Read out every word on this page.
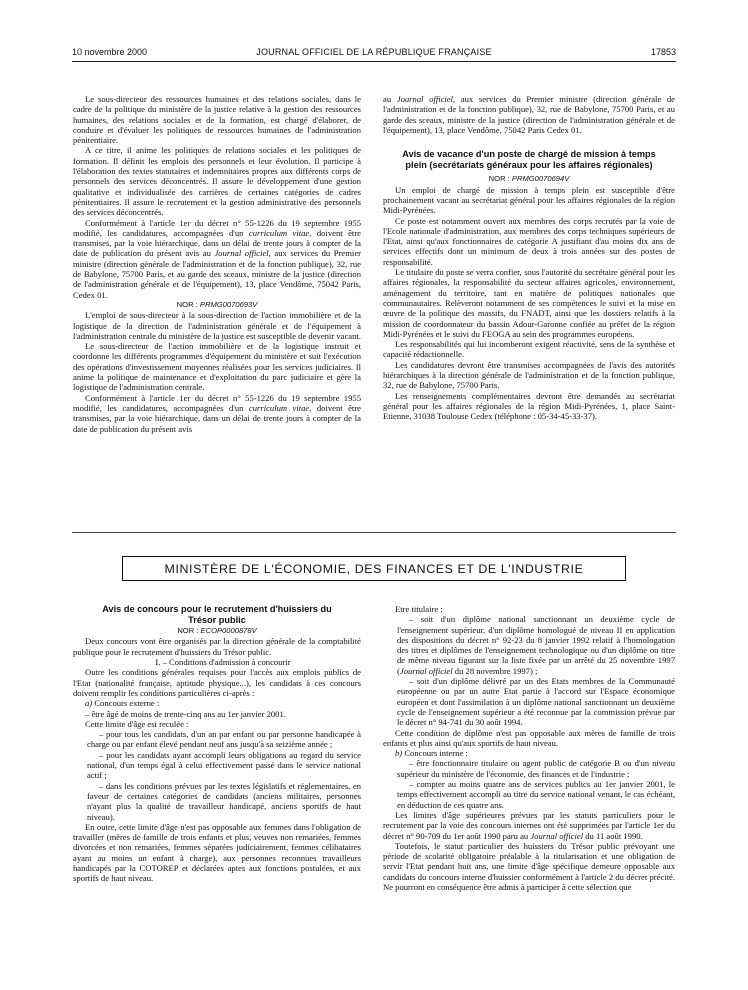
10 novembre 2000	JOURNAL OFFICIEL DE LA RÉPUBLIQUE FRANÇAISE	17853

Le sous-directeur des ressources humaines et des relations sociales, dans le cadre de la politique du ministère de la justice relative à la gestion des ressources humaines, des relations sociales et de la formation, est chargé d'élaborer, de conduire et d'évaluer les politiques de ressources humaines de l'administration pénitentiaire.

A ce titre, il anime les politiques de relations sociales et les politiques de formation. Il définit les emplois des personnels et leur évolution. Il participe à l'élaboration des textes statutaires et indemnitaires propres aux différents corps de personnels des services déconcentrés. Il assure le développement d'une gestion qualitative et individualisée des carrières de certaines catégories de cadres pénitentiaires. Il assure le recrutement et la gestion administrative des personnels des services déconcentrés.

Conformément à l'article 1er du décret n° 55-1226 du 19 septembre 1955 modifié, les candidatures, accompagnées d'un curriculum vitae, doivent être transmises, par la voie hiérarchique, dans un délai de trente jours à compter de la date de publication du présent avis au Journal officiel, aux services du Premier ministre (direction générale de l'administration et de la fonction publique), 32, rue de Babylone, 75700 Paris, et au garde des sceaux, ministre de la justice (direction de l'administration générale et de l'équipement), 13, place Vendôme, 75042 Paris, Cedex 01.

NOR : PRMG0070693V

L'emploi de sous-directeur à la sous-direction de l'action immobilière et de la logistique de la direction de l'administration générale et de l'équipement à l'administration centrale du ministère de la justice est susceptible de devenir vacant.

Le sous-directeur de l'action immobilière et de la logistique instruit et coordonne les différents programmes d'équipement du ministère et suit l'exécution des opérations d'investissement moyennes réalisées pour les services judiciaires. Il anime la politique de maintenance et d'exploitation du parc judiciaire et gère la logistique de l'administration centrale.

Conformément à l'article 1er du décret n° 55-1226 du 19 septembre 1955 modifié, les candidatures, accompagnées d'un curriculum vitae, doivent être transmises, par la voie hiérarchique, dans un délai de trente jours à compter de la date de publication du présent avis

au Journal officiel, aux services du Premier ministre (direction générale de l'administration et de la fonction publique), 32, rue de Babylone, 75700 Paris, et au garde des sceaux, ministre de la justice (direction de l'administration générale et de l'équipement), 13, place Vendôme, 75042 Paris Cedex 01.

Avis de vacance d'un poste de chargé de mission à temps plein (secrétariats généraux pour les affaires régionales)

NOR : PRMG0070694V

Un emploi de chargé de mission à temps plein est susceptible d'être prochainement vacant au secrétariat général pour les affaires régionales de la région Midi-Pyrénées.

Ce poste est notamment ouvert aux membres des corps recrutés par la voie de l'Ecole nationale d'administration, aux membres des corps techniques supérieurs de l'Etat, ainsi qu'aux fonctionnaires de catégorie A justifiant d'au moins dix ans de services effectifs dont un minimum de deux à trois années sur des postes de responsabilité.

Le titulaire du poste se verra confier, sous l'autorité du secrétaire général pour les affaires régionales, la responsabilité du secteur affaires agricoles, environnement, aménagement du territoire, tant en matière de politiques nationales que communautaires. Relèveront notamment de ses compétences le suivi et la mise en œuvre de la politique des massifs, du FNADT, ainsi que les dossiers relatifs à la mission de coordonnateur du bassin Adour-Garonne confiée au préfet de la région Midi-Pyrénées et le suivi du FEOGA au sein des programmes européens.

Les responsabilités qui lui incomberont exigent réactivité, sens de la synthèse et capacité rédactionnelle.

Les candidatures devront être transmises accompagnées de l'avis des autorités hiérarchiques à la direction générale de l'administration et de la fonction publique, 32, rue de Babylone, 75700 Paris.

Les renseignements complémentaires devront être demandés au secrétariat général pour les affaires régionales de la région Midi-Pyrénées, 1, place Saint-Etienne, 31038 Toulouse Cedex (téléphone : 05-34-45-33-37).

MINISTÈRE DE L'ÉCONOMIE, DES FINANCES ET DE L'INDUSTRIE
Avis de concours pour le recrutement d'huissiers du Trésor public

NOR : ECOP0000878V

Deux concours vont être organisés par la direction générale de la comptabilité publique pour le recrutement d'huissiers du Trésor public.

I. – Conditions d'admission à concourir

Outre les conditions générales requises pour l'accès aux emplois publics de l'Etat (nationalité française, aptitude physique...), les candidats à ces concours doivent remplir les conditions particulières ci-après :

a) Concours externe :

– être âgé de moins de trente-cinq ans au 1er janvier 2001.

Cette limite d'âge est reculée :

– pour tous les candidats, d'un an par enfant ou par personne handicapée à charge ou par enfant élevé pendant neuf ans jusqu'à sa seizième année ;

– pour les candidats ayant accompli leurs obligations au regard du service national, d'un temps égal à celui effectivement passé dans le service national actif ;

– dans les conditions prévues par les textes législatifs et réglementaires, en faveur de certaines catégories de candidats (anciens militaires, personnes n'ayant plus la qualité de travailleur handicapé, anciens sportifs de haut niveau).

En outre, cette limite d'âge n'est pas opposable aux femmes dans l'obligation de travailler (mères de famille de trois enfants et plus, veuves non remariées, femmes divorcées et non remariées, femmes séparées judiciairement, femmes célibataires ayant au moins un enfant à charge), aux personnes reconnues travailleurs handicapés par la COTOREP et déclarées aptes aux fonctions postulées, et aux sportifs de haut niveau.

Etre titulaire :

– soit d'un diplôme national sanctionnant un deuxième cycle de l'enseignement supérieur, d'un diplôme homologué de niveau II en application des dispositions du décret n° 92-23 du 8 janvier 1992 relatif à l'homologation des titres et diplômes de l'enseignement technologique ou d'un diplôme ou titre de même niveau figurant sur la liste fixée par un arrêté du 25 novembre 1997 (Journal officiel du 28 novembre 1997) ;

– soit d'un diplôme délivré par un des Etats membres de la Communauté européenne ou par un autre Etat partie à l'accord sur l'Espace économique européen et dont l'assimilation à un diplôme national sanctionnant un deuxième cycle de l'enseignement supérieur a été reconnue par la commission prévue par le décret n° 94-741 du 30 août 1994.

Cette condition de diplôme n'est pas opposable aux mères de famille de trois enfants et plus ainsi qu'aux sportifs de haut niveau.

b) Concours interne :

– être fonctionnaire titulaire ou agent public de catégorie B ou d'un niveau supérieur du ministère de l'économie, des finances et de l'industrie ;

– compter au moins quatre ans de services publics au 1er janvier 2001, le temps effectivement accompli au titre du service national venant, le cas échéant, en déduction de ces quatre ans.

Les limites d'âge supérieures prévues par les statuts particuliers pour le recrutement par la voie des concours internes ont été supprimées par l'article 1er du décret n° 90-709 du 1er août 1990 paru au Journal officiel du 11 août 1990.

Toutefois, le statut particulier des huissiers du Trésor public prévoyant une période de scolarité obligatoire préalable à la titularisation et une obligation de servir l'Etat pendant huit ans, une limite d'âge spécifique demeure opposable aux candidats du concours interne d'huissier conformément à l'article 2 du décret précité. Ne pourront en conséquence être admis à participer à cette sélection que
